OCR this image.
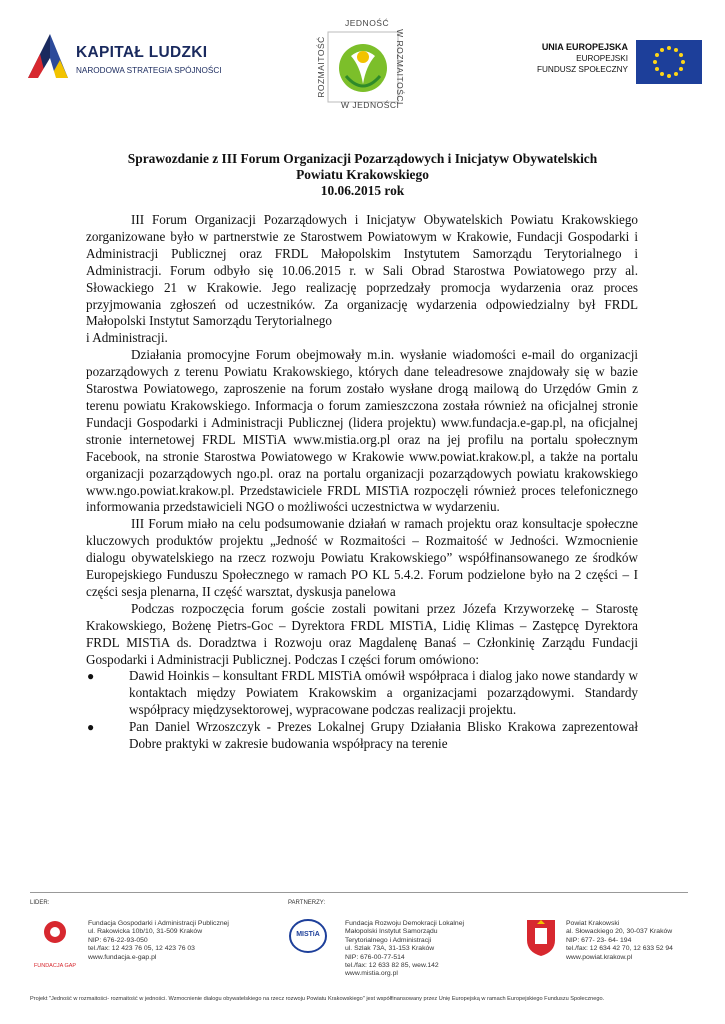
KAPITAŁ LUDZKI
NARODOWA STRATEGIA SPÓJNOŚCI
JEDNOŚĆ
W JEDNOŚCI
W ROZMAITOŚCI
ROZMAITOŚĆ	UNIA EUROPEJSKA
EUROPEJSKI
FUNDUSZ SPOŁECZNY
Sprawozdanie z III Forum Organizacji Pozarządowych i Inicjatyw Obywatelskich
Powiatu Krakowskiego
10.06.2015 rok

III Forum Organizacji Pozarządowych i Inicjatyw Obywatelskich Powiatu Krakowskiego zorganizowane było w partnerstwie ze Starostwem Powiatowym w Krakowie, Fundacji Gospodarki i Administracji Publicznej oraz FRDL Małopolskim Instytutem Samorządu Terytorialnego i Administracji. Forum odbyło się 10.06.2015 r. w Sali Obrad Starostwa Powiatowego przy al. Słowackiego 21 w Krakowie. Jego realizację poprzedzały promocja wydarzenia oraz proces przyjmowania zgłoszeń od uczestników. Za organizację wydarzenia odpowiedzialny był FRDL Małopolski Instytut Samorządu Terytorialnego

i Administracji.

Działania promocyjne Forum obejmowały m.in. wysłanie wiadomości e-mail do organizacji pozarządowych z terenu Powiatu Krakowskiego, których dane teleadresowe znajdowały się w bazie Starostwa Powiatowego, zaproszenie na forum zostało wysłane drogą mailową do Urzędów Gmin z terenu powiatu Krakowskiego. Informacja o forum zamieszczona została również na oficjalnej stronie Fundacji Gospodarki i Administracji Publicznej (lidera projektu) www.fundacja.e-gap.pl, na oficjalnej stronie internetowej FRDL MISTiA www.mistia.org.pl oraz na jej profilu na portalu społecznym Facebook, na stronie Starostwa Powiatowego w Krakowie www.powiat.krakow.pl, a także na portalu organizacji pozarządowych ngo.pl. oraz na portalu organizacji pozarządowych powiatu krakowskiego www.ngo.powiat.krakow.pl. Przedstawiciele FRDL MISTiA rozpoczęli również proces telefonicznego informowania przedstawicieli NGO o możliwości uczestnictwa w wydarzeniu.

III Forum miało na celu podsumowanie działań w ramach projektu oraz konsultacje społeczne kluczowych produktów projektu „Jedność w Rozmaitości – Rozmaitość w Jedności. Wzmocnienie dialogu obywatelskiego na rzecz rozwoju Powiatu Krakowskiego” współfinansowanego ze środków Europejskiego Funduszu Społecznego w ramach PO KL 5.4.2. Forum podzielone było na 2 części – I części sesja plenarna, II część warsztat, dyskusja panelowa

Podczas rozpoczęcia forum goście zostali powitani przez Józefa Krzyworzekę – Starostę Krakowskiego, Bożenę Pietrs-Goc – Dyrektora FRDL MISTiA, Lidię Klimas – Zastępcę Dyrektora FRDL MISTiA ds. Doradztwa i Rozwoju oraz Magdalenę Banaś – Członkinię Zarządu Fundacji Gospodarki i Administracji Publicznej. Podczas I części forum omówiono:

●	Dawid Hoinkis – konsultant FRDL MISTiA omówił współpraca i dialog jako nowe standardy w kontaktach między Powiatem Krakowskim a organizacjami pozarządowymi. Standardy współpracy międzysektorowej, wypracowane podczas realizacji projektu.
●	Pan Daniel Wrzoszczyk - Prezes Lokalnej Grupy Działania Blisko Krakowa zaprezentował Dobre praktyki w zakresie budowania współpracy na terenie
LIDER:	PARTNERZY:
FUNDACJA GAP
Fundacja Gospodarki i Administracji Publicznej
ul. Rakowicka 10b/10, 31-509 Kraków
NIP: 676-22-93-050
tel./fax: 12 423 76 05, 12 423 76 03
www.fundacja.e-gap.pl
MISTiA
Fundacja Rozwoju Demokracji Lokalnej
Małopolski Instytut Samorządu
Terytorialnego i Administracji
ul. Szlak 73A, 31-153 Kraków
NIP: 676-00-77-514
tel./fax: 12 633 82 85, wew.142
www.mistia.org.pl
Powiat Krakowski
al. Słowackiego 20, 30-037 Kraków
NIP: 677- 23- 64- 194
tel./fax: 12 634 42 70, 12 633 52 94
www.powiat.krakow.pl
Projekt "Jedność w rozmaitości- rozmaitość w jedności. Wzmocnienie dialogu obywatelskiego na rzecz rozwoju Powiatu Krakowskiego" jest współfinansowany przez Unię Europejską w ramach Europejskiego Funduszu Społecznego.
